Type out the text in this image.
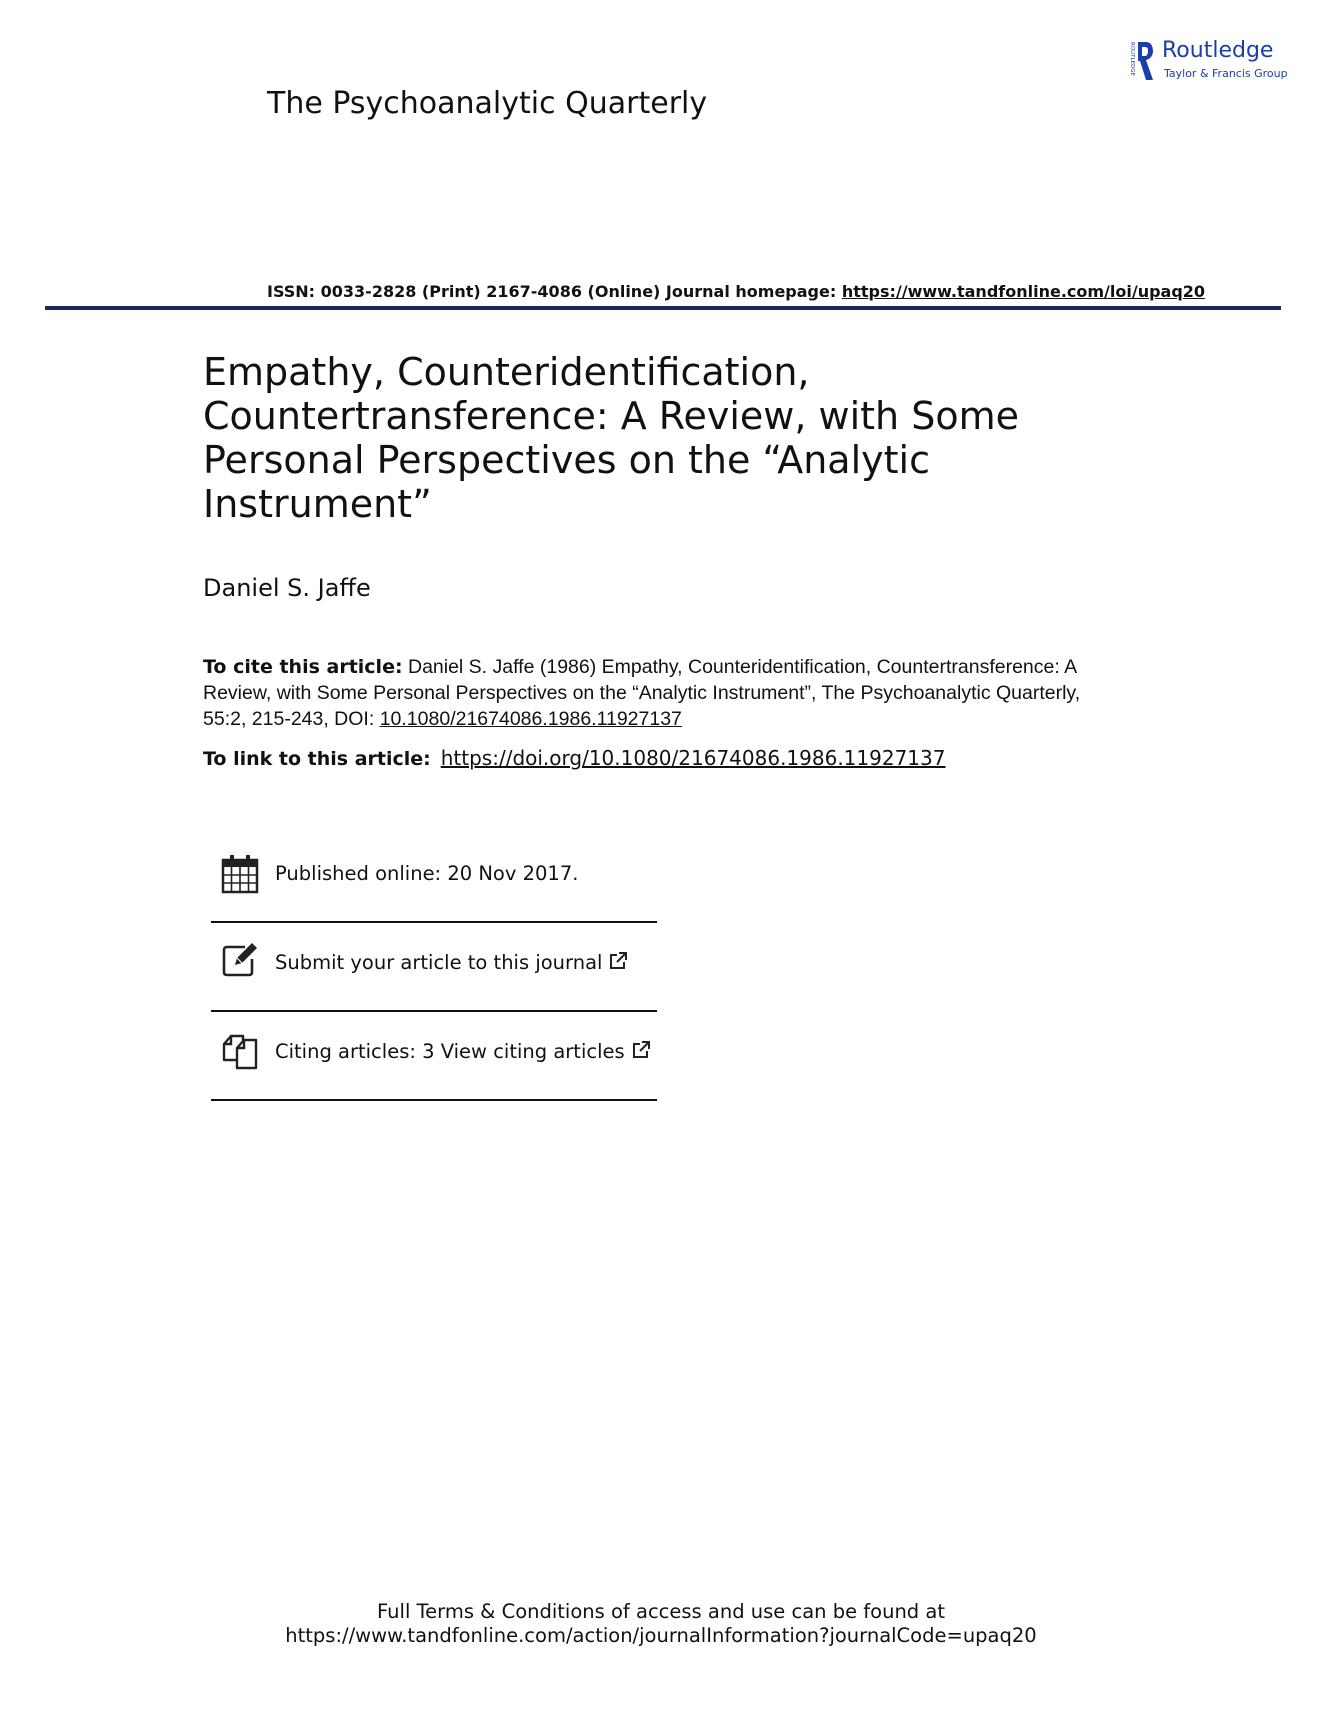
The Psychoanalytic Quarterly
ROUTLEDGE Routledge
Taylor & Francis Group
ISSN: 0033-2828 (Print) 2167-4086 (Online) Journal homepage: https://www.tandfonline.com/loi/upaq20
Empathy, Counteridentification,
Countertransference: A Review, with Some
Personal Perspectives on the “Analytic
Instrument”
Daniel S. Jaffe
To cite this article: Daniel S. Jaffe (1986) Empathy, Counteridentification, Countertransference: A Review, with Some Personal Perspectives on the “Analytic Instrument”, The Psychoanalytic Quarterly, 55:2, 215-243, DOI: 10.1080/21674086.1986.11927137
To link to this article: https://doi.org/10.1080/21674086.1986.11927137
Published online: 20 Nov 2017.
Submit your article to this journal
Citing articles: 3 View citing articles
Full Terms & Conditions of access and use can be found at
https://www.tandfonline.com/action/journalInformation?journalCode=upaq20
